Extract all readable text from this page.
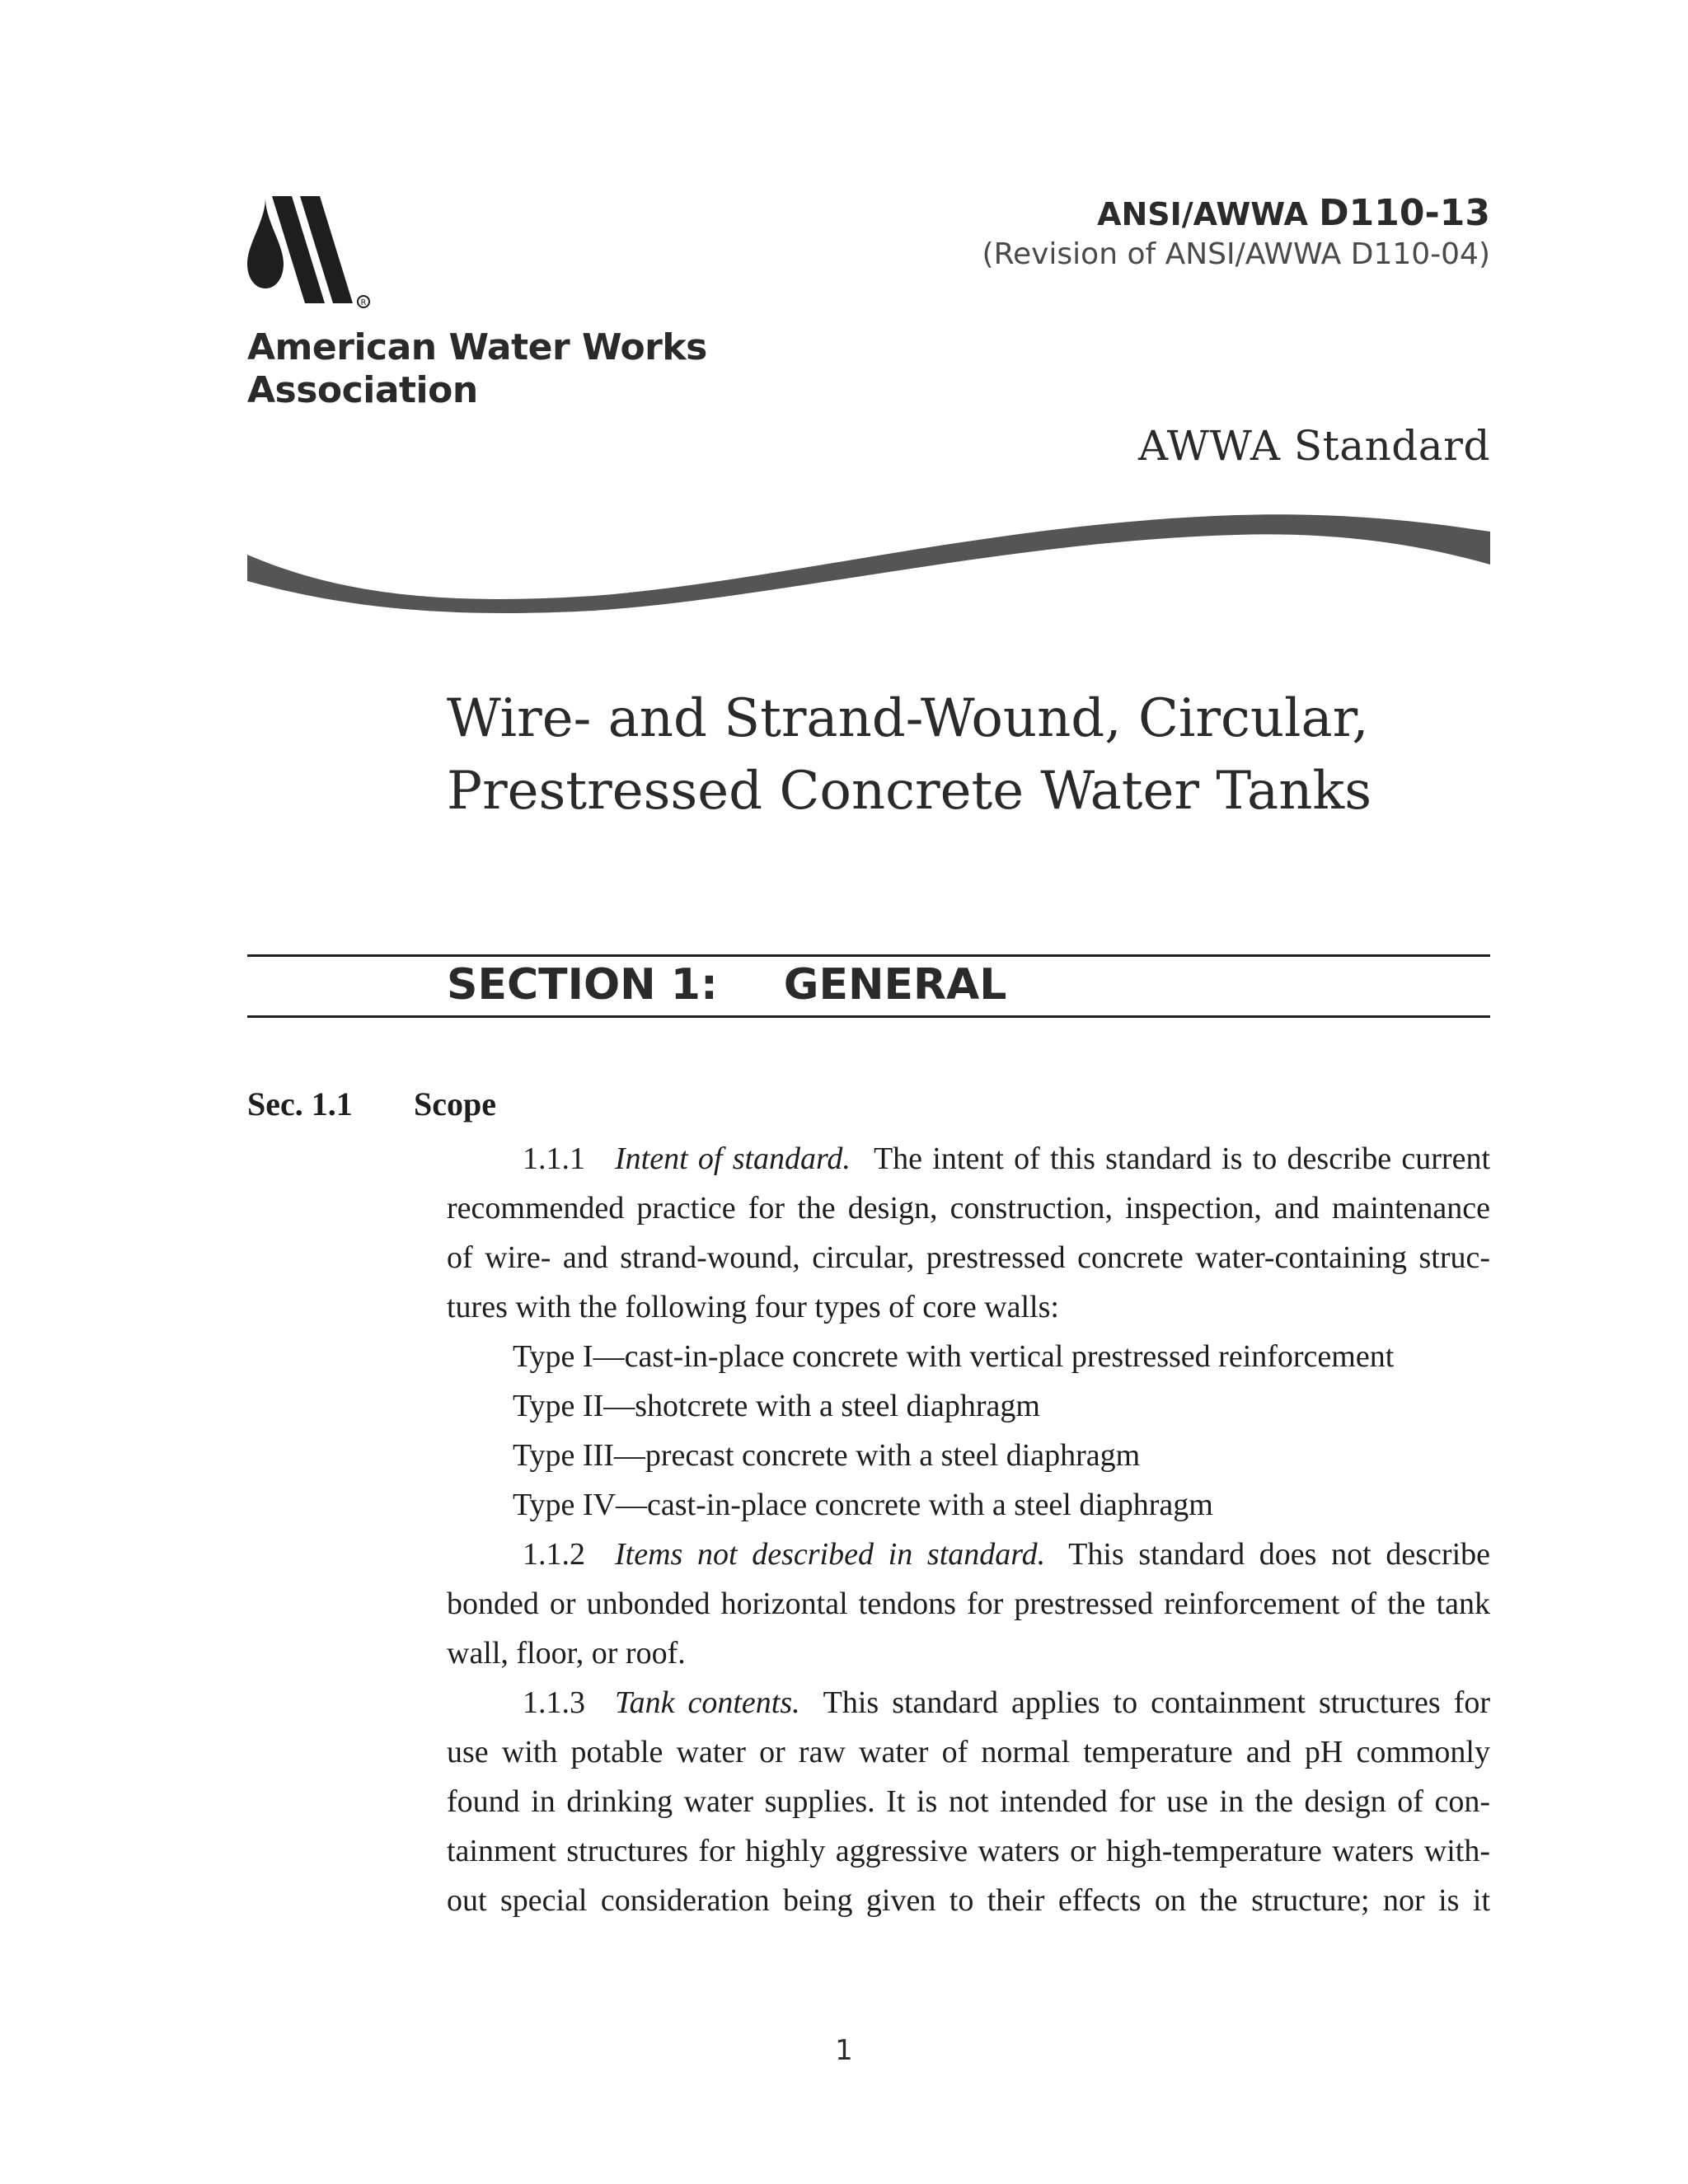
R
American Water Works
Association
ANSI/AWWA D110-13
(Revision of ANSI/AWWA D110-04)
AWWA Standard
Wire- and Strand-Wound, Circular,
Prestressed Concrete Water Tanks
SECTION 1: GENERAL
Sec. 1.1 Scope
1.1.1 Intent of standard. The intent of this standard is to describe current
recommended practice for the design, construction, inspection, and maintenance
of wire- and strand-wound, circular, prestressed concrete water-containing struc-
tures with the following four types of core walls:
Type I—cast-in-place concrete with vertical prestressed reinforcement
Type II—shotcrete with a steel diaphragm
Type III—precast concrete with a steel diaphragm
Type IV—cast-in-place concrete with a steel diaphragm
1.1.2 Items not described in standard. This standard does not describe
bonded or unbonded horizontal tendons for prestressed reinforcement of the tank
wall, floor, or roof.
1.1.3 Tank contents. This standard applies to containment structures for
use with potable water or raw water of normal temperature and pH commonly
found in drinking water supplies. It is not intended for use in the design of con-
tainment structures for highly aggressive waters or high-temperature waters with-
out special consideration being given to their effects on the structure; nor is it
1
